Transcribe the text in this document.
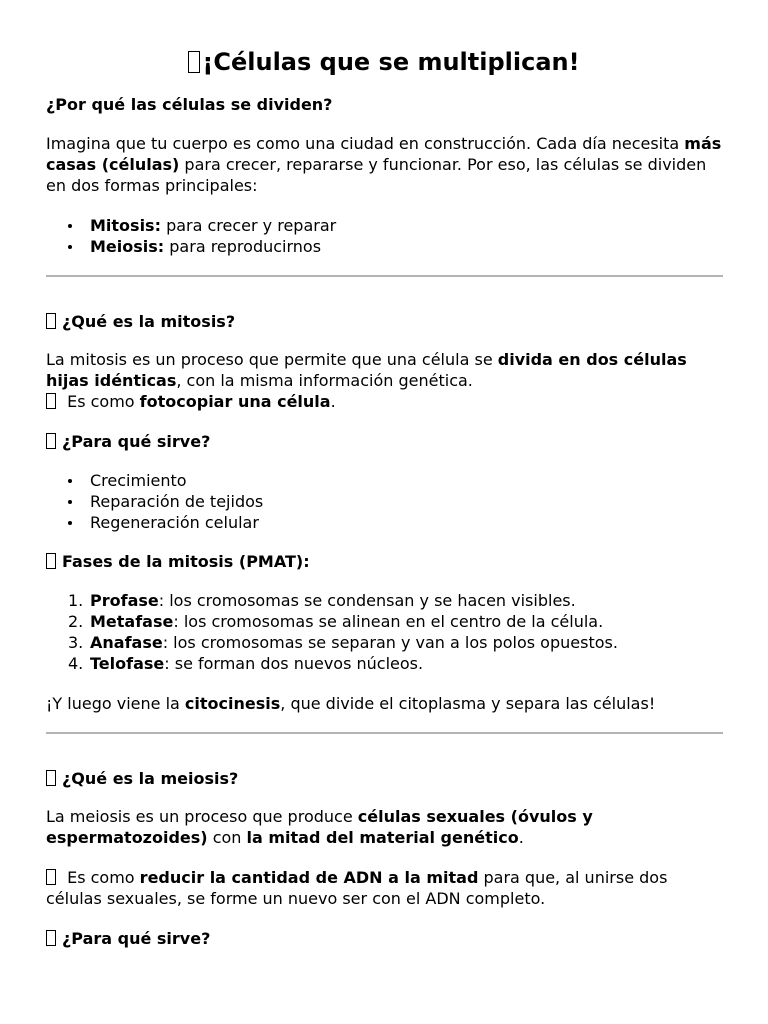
¡Células que se multiplican!
¿Por qué las células se dividen?

Imagina que tu cuerpo es como una ciudad en construcción. Cada día necesita más casas (células) para crecer, repararse y funcionar. Por eso, las células se dividen en dos formas principales:

Mitosis: para crecer y reparar
Meiosis: para reproducirnos
¿Qué es la mitosis?

La mitosis es un proceso que permite que una célula se divida en dos células hijas idénticas, con la misma información genética.
Es como fotocopiar una célula.

¿Para qué sirve?
Crecimiento
Reparación de tejidos
Regeneración celular
Fases de la mitosis (PMAT):
1. Profase: los cromosomas se condensan y se hacen visibles.
2. Metafase: los cromosomas se alinean en el centro de la célula.
3. Anafase: los cromosomas se separan y van a los polos opuestos.
4. Telofase: se forman dos nuevos núcleos.

¡Y luego viene la citocinesis, que divide el citoplasma y separa las células!

¿Qué es la meiosis?

La meiosis es un proceso que produce células sexuales (óvulos y espermatozoides) con la mitad del material genético.

Es como reducir la cantidad de ADN a la mitad para que, al unirse dos células sexuales, se forme un nuevo ser con el ADN completo.

¿Para qué sirve?
